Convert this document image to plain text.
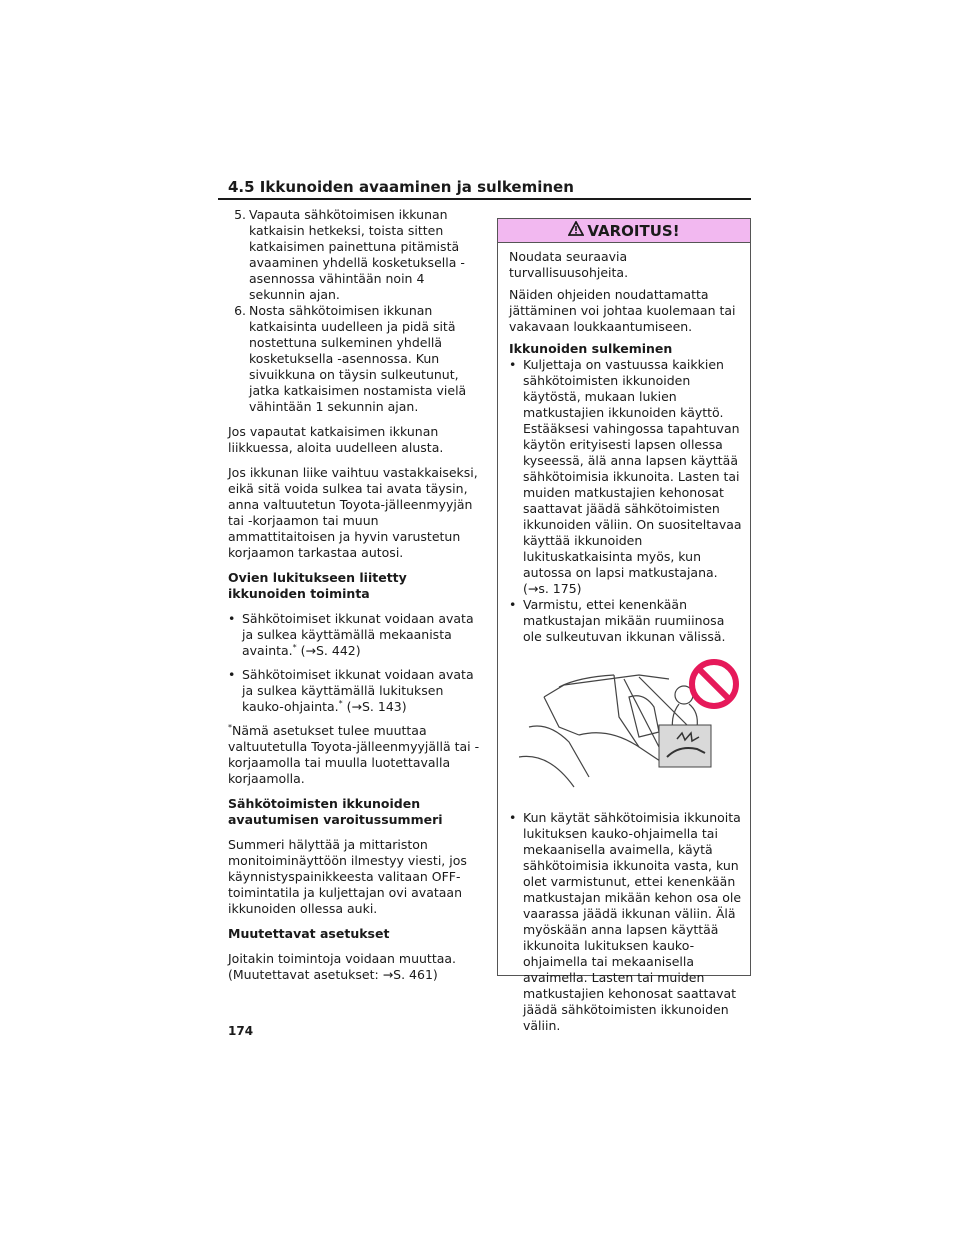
4.5 Ikkunoiden avaaminen ja sulkeminen
5. Vapauta sähkötoimisen ikkunan katkaisin hetkeksi, toista sitten katkaisimen painettuna pitämistä avaaminen yhdellä kosketuksella -asennossa vähintään noin 4 sekunnin ajan.
6. Nosta sähkötoimisen ikkunan katkaisinta uudelleen ja pidä sitä nostettuna sulkeminen yhdellä kosketuksella -asennossa. Kun sivuikkuna on täysin sulkeutunut, jatka katkaisimen nostamista vielä vähintään 1 sekunnin ajan.

Jos vapautat katkaisimen ikkunan liikkuessa, aloita uudelleen alusta.

Jos ikkunan liike vaihtuu vastakkaiseksi, eikä sitä voida sulkea tai avata täysin, anna valtuutetun Toyota-jälleenmyyjän tai -korjaamon tai muun ammattitaitoisen ja hyvin varustetun korjaamon tarkastaa autosi.

Ovien lukitukseen liitetty ikkunoiden toiminta
• Sähkötoimiset ikkunat voidaan avata ja sulkea käyttämällä mekaanista avainta.* (→S. 442)
• Sähkötoimiset ikkunat voidaan avata ja sulkea käyttämällä lukituksen kauko-ohjainta.* (→S. 143)

*Nämä asetukset tulee muuttaa valtuutetulla Toyota-jälleenmyyjällä tai -korjaamolla tai muulla luotettavalla korjaamolla.

Sähkötoimisten ikkunoiden avautumisen varoitussummeri

Summeri hälyttää ja mittariston monitoiminäyttöön ilmestyy viesti, jos käynnistyspainikkeesta valitaan OFF-toimintatila ja kuljettajan ovi avataan ikkunoiden ollessa auki.

Muutettavat asetukset

Joitakin toimintoja voidaan muuttaa. (Muutettavat asetukset: →S. 461)

VAROITUS!

Noudata seuraavia turvallisuusohjeita.

Näiden ohjeiden noudattamatta jättäminen voi johtaa kuolemaan tai vakavaan loukkaantumiseen.

Ikkunoiden sulkeminen
• Kuljettaja on vastuussa kaikkien sähkötoimisten ikkunoiden käytöstä, mukaan lukien matkustajien ikkunoiden käyttö. Estääksesi vahingossa tapahtuvan käytön erityisesti lapsen ollessa kyseessä, älä anna lapsen käyttää sähkötoimisia ikkunoita. Lasten tai muiden matkustajien kehonosat saattavat jäädä sähkötoimisten ikkunoiden väliin. On suositeltavaa käyttää ikkunoiden lukituskatkaisinta myös, kun autossa on lapsi matkustajana. (→s. 175)
• Varmistu, ettei kenenkään matkustajan mikään ruumiinosa ole sulkeutuvan ikkunan välissä.
• Kun käytät sähkötoimisia ikkunoita lukituksen kauko-ohjaimella tai mekaanisella avaimella, käytä sähkötoimisia ikkunoita vasta, kun olet varmistunut, ettei kenenkään matkustajan mikään kehon osa ole vaarassa jäädä ikkunan väliin. Älä myöskään anna lapsen käyttää ikkunoita lukituksen kauko-ohjaimella tai mekaanisella avaimella. Lasten tai muiden matkustajien kehonosat saattavat jäädä sähkötoimisten ikkunoiden väliin.
174
